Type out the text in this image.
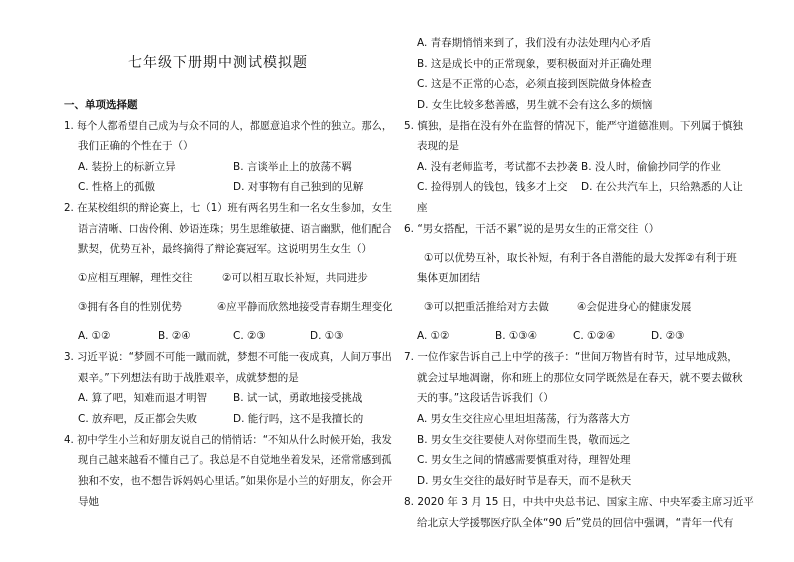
七年级下册期中测试模拟题
一、单项选择题
1. 每个人都希望自己成为与众不同的人，都愿意追求个性的独立。那么，
我们正确的个性在于（）
A. 装扮上的标新立异	B. 言谈举止上的放荡不羁
C. 性格上的孤傲	D. 对事物有自己独到的见解
2. 在某校组织的辩论赛上，七（1）班有两名男生和一名女生参加，女生
语言清晰、口齿伶俐、妙语连珠；男生思维敏捷、语言幽默，他们配合
默契，优势互补，最终摘得了辩论赛冠军。这说明男生女生（）
①应相互理解，理性交往	②可以相互取长补短，共同进步
③拥有各自的性别优势	④应平静而欣然地接受青春期生理变化
A. ①②	B. ②④	C. ②③	D. ①③
3. 习近平说：“梦圆不可能一蹴而就，梦想不可能一夜成真，人间万事出
艰辛。”下列想法有助于战胜艰辛，成就梦想的是
A. 算了吧，知难而退才明智 B. 试一试，勇敢地接受挑战
C. 放弃吧，反正都会失败	D. 能行吗，这不是我擅长的
4. 初中学生小兰和好朋友说自己的悄悄话：“不知从什么时候开始，我发
现自己越来越看不懂自己了。我总是不自觉地坐着发呆，还常常感到孤
独和不安，也不想告诉妈妈心里话。”如果你是小兰的好朋友，你会开
导她
A. 青春期悄悄来到了，我们没有办法处理内心矛盾
B. 这是成长中的正常现象，要积极面对并正确处理
C. 这是不正常的心态，必须直接到医院做身体检查
D. 女生比较多愁善感，男生就不会有这么多的烦恼
5. 慎独，是指在没有外在监督的情况下，能严守道德准则。下列属于慎独
表现的是
A. 没有老师监考，考试都不去抄袭 B. 没人时，偷偷抄同学的作业
C. 捡得别人的钱包，钱多才上交 D. 在公共汽车上，只给熟悉的人让
座
6. “男女搭配，干活不累”说的是男女生的正常交往（）
①可以优势互补，取长补短，有利于各自潜能的最大发挥②有利于班
集体更加团结
③可以把重活推给对方去做	④会促进身心的健康发展
A. ①②	B. ①③④	C. ①②④	D. ②③
7. 一位作家告诉自己上中学的孩子：“世间万物皆有时节，过早地成熟，
就会过早地凋谢，你和班上的那位女同学既然是在春天，就不要去做秋
天的事。”这段话告诉我们（）
A. 男女生交往应心里坦坦荡荡，行为落落大方
B. 男女生交往要使人对你望而生畏，敬而远之
C. 男女生之间的情感需要慎重对待，理智处理
D. 男女生交往的最好时节是春天，而不是秋天
8. 2020 年 3 月 15 日，中共中央总书记、国家主席、中央军委主席习近平
给北京大学援鄂医疗队全体“90 后”党员的回信中强调，“青年一代有
